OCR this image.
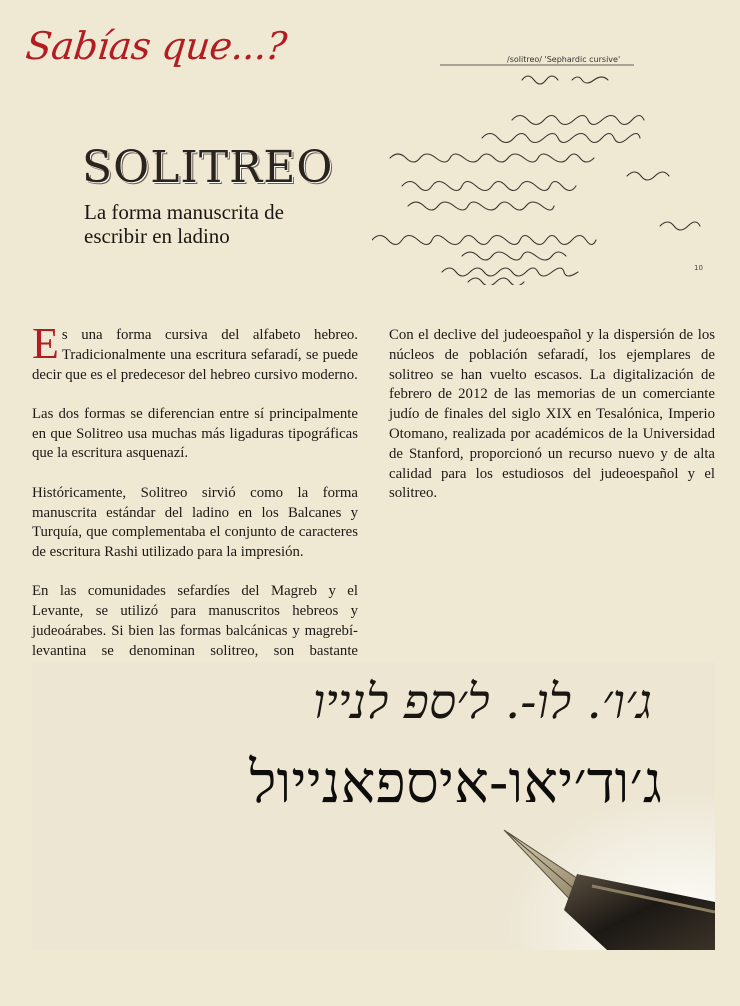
Sabías que...?
SOLITREO
La forma manuscrita de escribir en ladino
/solitreo/ 'Sephardic cursive'
10

Es una forma cursiva del alfabeto hebreo. Tradicionalmente una escritura sefaradí, se puede decir que es el predecesor del hebreo cursivo moderno.

Las dos formas se diferencian entre sí principalmente en que Solitreo usa muchas más ligaduras tipográficas que la escritura asquenazí.

Históricamente, Solitreo sirvió como la forma manuscrita estándar del ladino en los Balcanes y Turquía, que complementaba el conjunto de caracteres de escritura Rashi utilizado para la impresión.

En las comunidades sefardíes del Magreb y el Levante, se utilizó para manuscritos hebreos y judeoárabes. Si bien las formas balcánicas y magrebí-levantina se denominan solitreo, son bastante

Con el declive del judeoespañol y la dispersión de los núcleos de población sefaradí, los ejemplares de solitreo se han vuelto escasos. La digitalización de febrero de 2012 de las memorias de un comerciante judío de finales del siglo XIX en Tesalónica, Imperio Otomano, realizada por académicos de la Universidad de Stanford, proporcionó un recurso nuevo y de alta calidad para los estudiosos del judeoespañol y el solitreo.

ג׳ו׳. לו-. ל׳ספ לנייו
ג׳וד׳יאו-איספאנייול
